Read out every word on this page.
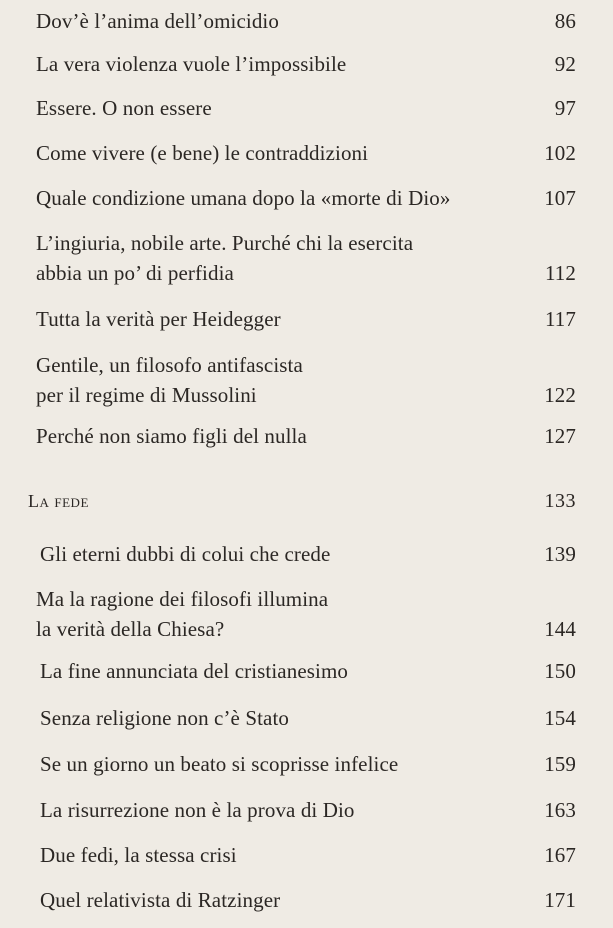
Dov’è l’anima dell’omicidio	86
La vera violenza vuole l’impossibile	92
Essere. O non essere	97
Come vivere (e bene) le contraddizioni	102
Quale condizione umana dopo la «morte di Dio»	107
L’ingiuria, nobile arte. Purché chi la esercita
abbia un po’ di perfidia	112
Tutta la verità per Heidegger	117
Gentile, un filosofo antifascista
per il regime di Mussolini	122
Perché non siamo figli del nulla	127
La fede	133
Gli eterni dubbi di colui che crede	139
Ma la ragione dei filosofi illumina
la verità della Chiesa?	144
La fine annunciata del cristianesimo	150
Senza religione non c’è Stato	154
Se un giorno un beato si scoprisse infelice	159
La risurrezione non è la prova di Dio	163
Due fedi, la stessa crisi	167
Quel relativista di Ratzinger	171
